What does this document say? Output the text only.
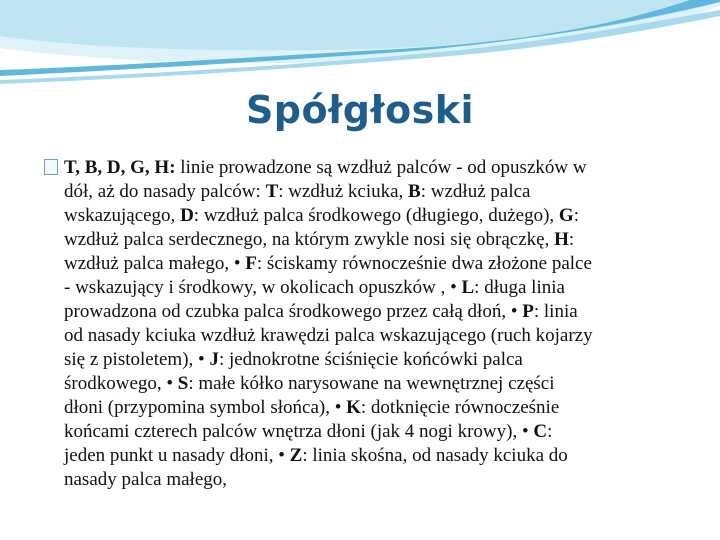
Spółgłoski
T, B, D, G, H: linie prowadzone są wzdłuż palców - od opuszków w
dół, aż do nasady palców: T: wzdłuż kciuka, B: wzdłuż palca
wskazującego, D: wzdłuż palca środkowego (długiego, dużego), G:
wzdłuż palca serdecznego, na którym zwykle nosi się obrączkę, H:
wzdłuż palca małego, • F: ściskamy równocześnie dwa złożone palce
- wskazujący i środkowy, w okolicach opuszków , • L: długa linia
prowadzona od czubka palca środkowego przez całą dłoń, • P: linia
od nasady kciuka wzdłuż krawędzi palca wskazującego (ruch kojarzy
się z pistoletem), • J: jednokrotne ściśnięcie końcówki palca
środkowego, • S: małe kółko narysowane na wewnętrznej części
dłoni (przypomina symbol słońca), • K: dotknięcie równocześnie
końcami czterech palców wnętrza dłoni (jak 4 nogi krowy), • C:
jeden punkt u nasady dłoni, • Z: linia skośna, od nasady kciuka do
nasady palca małego,
